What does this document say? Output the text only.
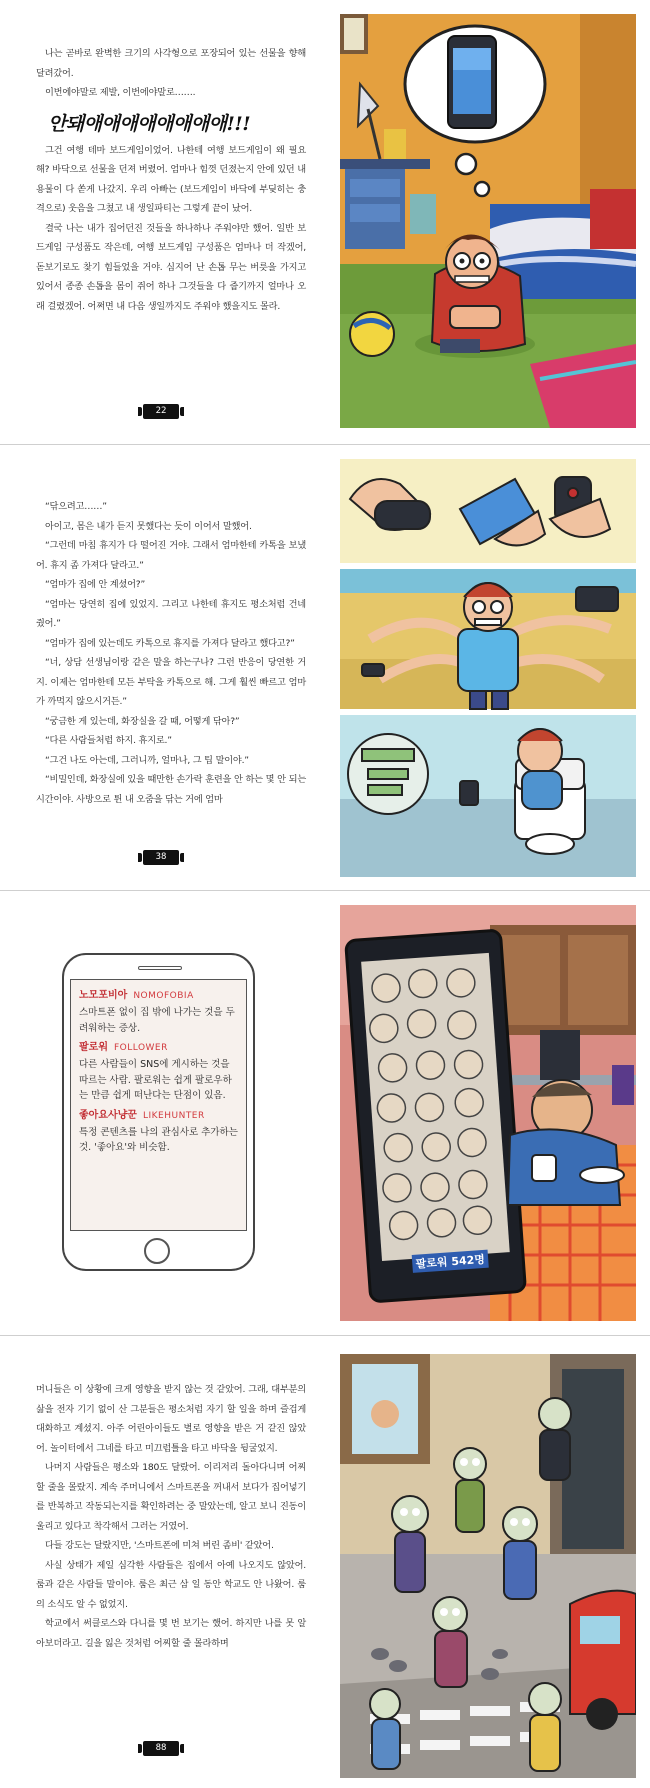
나는 곧바로 완벽한 크기의 사각형으로 포장되어 있는 선물을 향해 달려갔어.

이번에야말로 제발, 이번에야말로…….

안돼애애애애애애애애!!!

그건 여행 테마 보드게임이었어. 나한테 여행 보드게임이 왜 필요해? 바닥으로 선물을 던져 버렸어. 엄마나 힘껏 던졌는지 안에 있던 내용물이 다 쏟게 나갔지. 우리 아빠는 (보드게임이 바닥에 부딪히는 충격으로) 웃음을 그쳤고 내 생일파티는 그렇게 끝이 났어.

결국 나는 내가 집어던진 것들을 하나하나 주워야만 했어. 일반 보드게임 구성품도 작은데, 여행 보드게임 구성품은 엄마나 더 작겠어, 돋보기로도 찾기 힘들었을 거야. 심지어 난 손톱 무는 버릇을 가지고 있어서 종종 손톱을 몸이 쥐어 하나 그것들을 다 줍기까지 얼마나 오래 걸렸겠어. 어쩌면 내 다음 생일까지도 주워야 했을지도 몰라.

22

“닦으려고……”

아이고, 몸은 내가 듣지 못했다는 듯이 이어서 말했어.

“그런데 마침 휴지가 다 떨어진 거야. 그래서 엄마한테 카톡을 보냈어. 휴지 좀 가져다 달라고.”

“엄마가 집에 안 계셨어?”

“엄마는 당연히 집에 있었지. 그리고 나한테 휴지도 평소처럼 건네 줬어.”

“엄마가 집에 있는데도 카톡으로 휴지를 가져다 달라고 했다고?”

“너, 상담 선생님이랑 같은 말을 하는구나? 그런 반응이 당연한 거지. 이제는 엄마한테 모든 부탁을 카톡으로 해. 그게 훨씬 빠르고 엄마가 까먹지 않으시거든.”

“궁금한 게 있는데, 화장실을 갈 때, 어떻게 닦아?”

“다른 사람들처럼 하지. 휴지로.”

“그건 나도 아는데, 그러니까, 얼마나, 그 팁 말이야.”

“비밀인데, 화장실에 있을 때만한 손가락 훈련을 안 하는 몇 안 되는 시간이야. 사방으로 튄 내 오줌을 닦는 거에 엄마

38
노모포비아 NOMOFOBIA
스마트폰 없이 집 밖에 나가는 것을 두려워하는 증상.
팔로워 FOLLOWER
다른 사람들이 SNS에 게시하는 것을 따르는 사람. 팔로워는 쉽게 팔로우하는 만큼 쉽게 떠난다는 단점이 있음.
좋아요사냥꾼 LIKEHUNTER
특정 콘텐츠를 나의 관심사로 추가하는 것. '좋아요'와 비슷함.
팔로워 542명

머니들은 이 상황에 크게 영향을 받지 않는 것 같았어. 그래, 대부분의 삶을 전자 기기 없이 산 그분들은 평소처럼 자기 할 일을 하며 즐겁게 대화하고 계셨지. 아주 어린아이들도 별로 영향을 받은 거 같진 않았어. 놀이터에서 그네를 타고 미끄럼틀을 타고 바닥을 뒹굴었지.

나머지 사람들은 평소와 180도 달랐어. 이리저리 돌아다니며 어찌할 줄을 몰랐지. 계속 주머니에서 스마트폰을 꺼내서 보다가 집어넣기를 반복하고 작동되는지를 확인하려는 중 말았는데, 알고 보니 진동이 울리고 있다고 착각해서 그러는 거였어.

다들 강도는 달랐지만, '스마트폰에 미쳐 버린 좀비' 같았어.

사실 상태가 제일 심각한 사람들은 집에서 아예 나오지도 않았어. 룸과 같은 사람들 말이야. 룸은 최근 삼 일 동안 학교도 안 나왔어. 룸의 소식도 알 수 없었지.

학교에서 써클로스와 다니를 몇 번 보기는 했어. 하지만 나를 못 알아보더라고. 길을 잃은 것처럼 어찌할 줄 몰라하며

88
